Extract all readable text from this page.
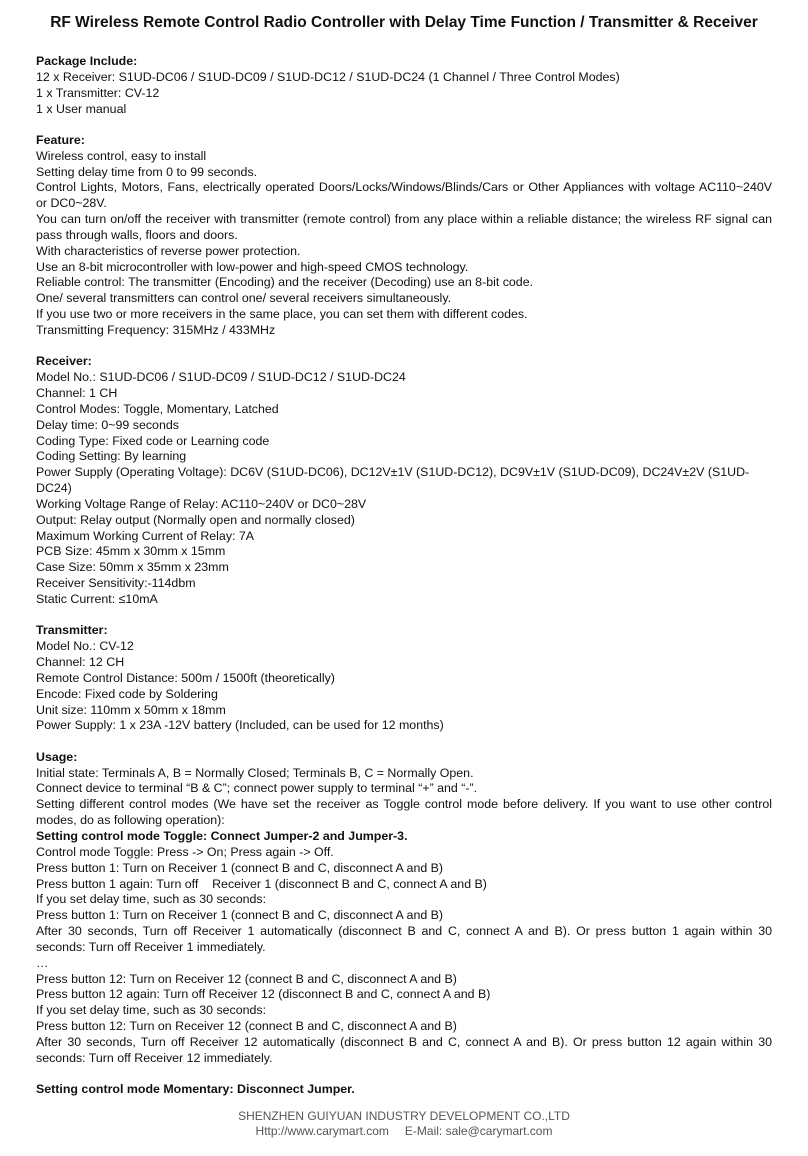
RF Wireless Remote Control Radio Controller with Delay Time Function / Transmitter & Receiver
Package Include:
12 x Receiver: S1UD-DC06 / S1UD-DC09 / S1UD-DC12 / S1UD-DC24 (1 Channel / Three Control Modes)
1 x Transmitter: CV-12
1 x User manual
Feature:
Wireless control, easy to install
Setting delay time from 0 to 99 seconds.
Control Lights, Motors, Fans, electrically operated Doors/Locks/Windows/Blinds/Cars or Other Appliances with voltage AC110~240V or DC0~28V.
You can turn on/off the receiver with transmitter (remote control) from any place within a reliable distance; the wireless RF signal can pass through walls, floors and doors.
With characteristics of reverse power protection.
Use an 8-bit microcontroller with low-power and high-speed CMOS technology.
Reliable control: The transmitter (Encoding) and the receiver (Decoding) use an 8-bit code.
One/ several transmitters can control one/ several receivers simultaneously.
If you use two or more receivers in the same place, you can set them with different codes.
Transmitting Frequency: 315MHz / 433MHz
Receiver:
Model No.: S1UD-DC06 / S1UD-DC09 / S1UD-DC12 / S1UD-DC24
Channel: 1 CH
Control Modes: Toggle, Momentary, Latched
Delay time: 0~99 seconds
Coding Type: Fixed code or Learning code
Coding Setting: By learning
Power Supply (Operating Voltage): DC6V (S1UD-DC06), DC12V±1V (S1UD-DC12), DC9V±1V (S1UD-DC09), DC24V±2V (S1UD-DC24)
Working Voltage Range of Relay: AC110~240V or DC0~28V
Output: Relay output (Normally open and normally closed)
Maximum Working Current of Relay: 7A
PCB Size: 45mm x 30mm x 15mm
Case Size: 50mm x 35mm x 23mm
Receiver Sensitivity:-114dbm
Static Current: ≤10mA
Transmitter:
Model No.: CV-12
Channel: 12 CH
Remote Control Distance: 500m / 1500ft (theoretically)
Encode: Fixed code by Soldering
Unit size: 110mm x 50mm x 18mm
Power Supply: 1 x 23A -12V battery (Included, can be used for 12 months)
Usage:
Initial state: Terminals A, B = Normally Closed; Terminals B, C = Normally Open.
Connect device to terminal “B & C”; connect power supply to terminal “+” and “-”.
Setting different control modes (We have set the receiver as Toggle control mode before delivery. If you want to use other control modes, do as following operation):
Setting control mode Toggle: Connect Jumper-2 and Jumper-3.
Control mode Toggle: Press -> On; Press again -> Off.
Press button 1: Turn on Receiver 1 (connect B and C, disconnect A and B)
Press button 1 again: Turn off    Receiver 1 (disconnect B and C, connect A and B)
If you set delay time, such as 30 seconds:
Press button 1: Turn on Receiver 1 (connect B and C, disconnect A and B)
After 30 seconds, Turn off Receiver 1 automatically (disconnect B and C, connect A and B). Or press button 1 again within 30 seconds: Turn off Receiver 1 immediately.
…
Press button 12: Turn on Receiver 12 (connect B and C, disconnect A and B)
Press button 12 again: Turn off Receiver 12 (disconnect B and C, connect A and B)
If you set delay time, such as 30 seconds:
Press button 12: Turn on Receiver 12 (connect B and C, disconnect A and B)
After 30 seconds, Turn off Receiver 12 automatically (disconnect B and C, connect A and B). Or press button 12 again within 30 seconds: Turn off Receiver 12 immediately.
Setting control mode Momentary: Disconnect Jumper.
SHENZHEN GUIYUAN INDUSTRY DEVELOPMENT CO.,LTD
Http://www.carymart.com E-Mail: sale@carymart.com
